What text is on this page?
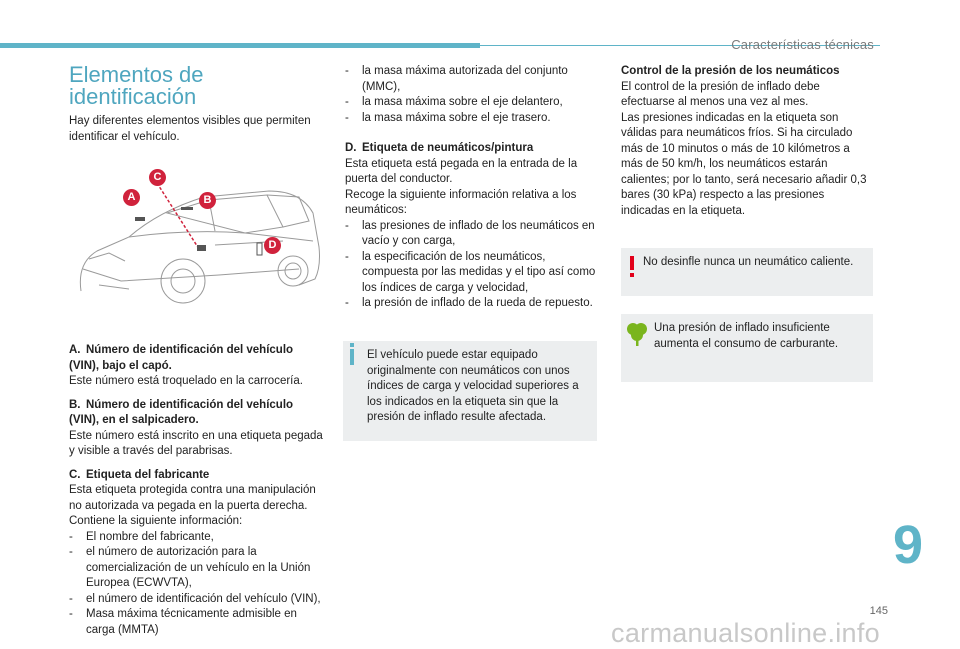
Características técnicas
Elementos de identificación

Hay diferentes elementos visibles que permiten identificar el vehículo.

A	B
C
D
A. Número de identificación del vehículo (VIN), bajo el capó.

Este número está troquelado en la carrocería.

B. Número de identificación del vehículo (VIN), en el salpicadero.

Este número está inscrito en una etiqueta pegada y visible a través del parabrisas.

C. Etiqueta del fabricante

Esta etiqueta protegida contra una manipulación no autorizada va pegada en la puerta derecha.

Contiene la siguiente información:

- El nombre del fabricante,
- el número de autorización para la comercialización de un vehículo en la Unión Europea (ECWVTA),
- el número de identificación del vehículo (VIN),
- Masa máxima técnicamente admisible en carga (MMTA)
- la masa máxima autorizada del conjunto (MMC),
- la masa máxima sobre el eje delantero,
- la masa máxima sobre el eje trasero.
D. Etiqueta de neumáticos/pintura

Esta etiqueta está pegada en la entrada de la puerta del conductor.

Recoge la siguiente información relativa a los neumáticos:

- las presiones de inflado de los neumáticos en vacío y con carga,
- la especificación de los neumáticos, compuesta por las medidas y el tipo así como los índices de carga y velocidad,
- la presión de inflado de la rueda de repuesto.
El vehículo puede estar equipado originalmente con neumáticos con unos índices de carga y velocidad superiores a los indicados en la etiqueta sin que la presión de inflado resulte afectada.
Control de la presión de los neumáticos

El control de la presión de inflado debe efectuarse al menos una vez al mes.

Las presiones indicadas en la etiqueta son válidas para neumáticos fríos. Si ha circulado más de 10 minutos o más de 10 kilómetros a más de 50 km/h, los neumáticos estarán calientes; por lo tanto, será necesario añadir 0,3 bares (30 kPa) respecto a las presiones indicadas en la etiqueta.

No desinfle nunca un neumático caliente.
Una presión de inflado insuficiente aumenta el consumo de carburante.
9
145
carmanualsonline.info
